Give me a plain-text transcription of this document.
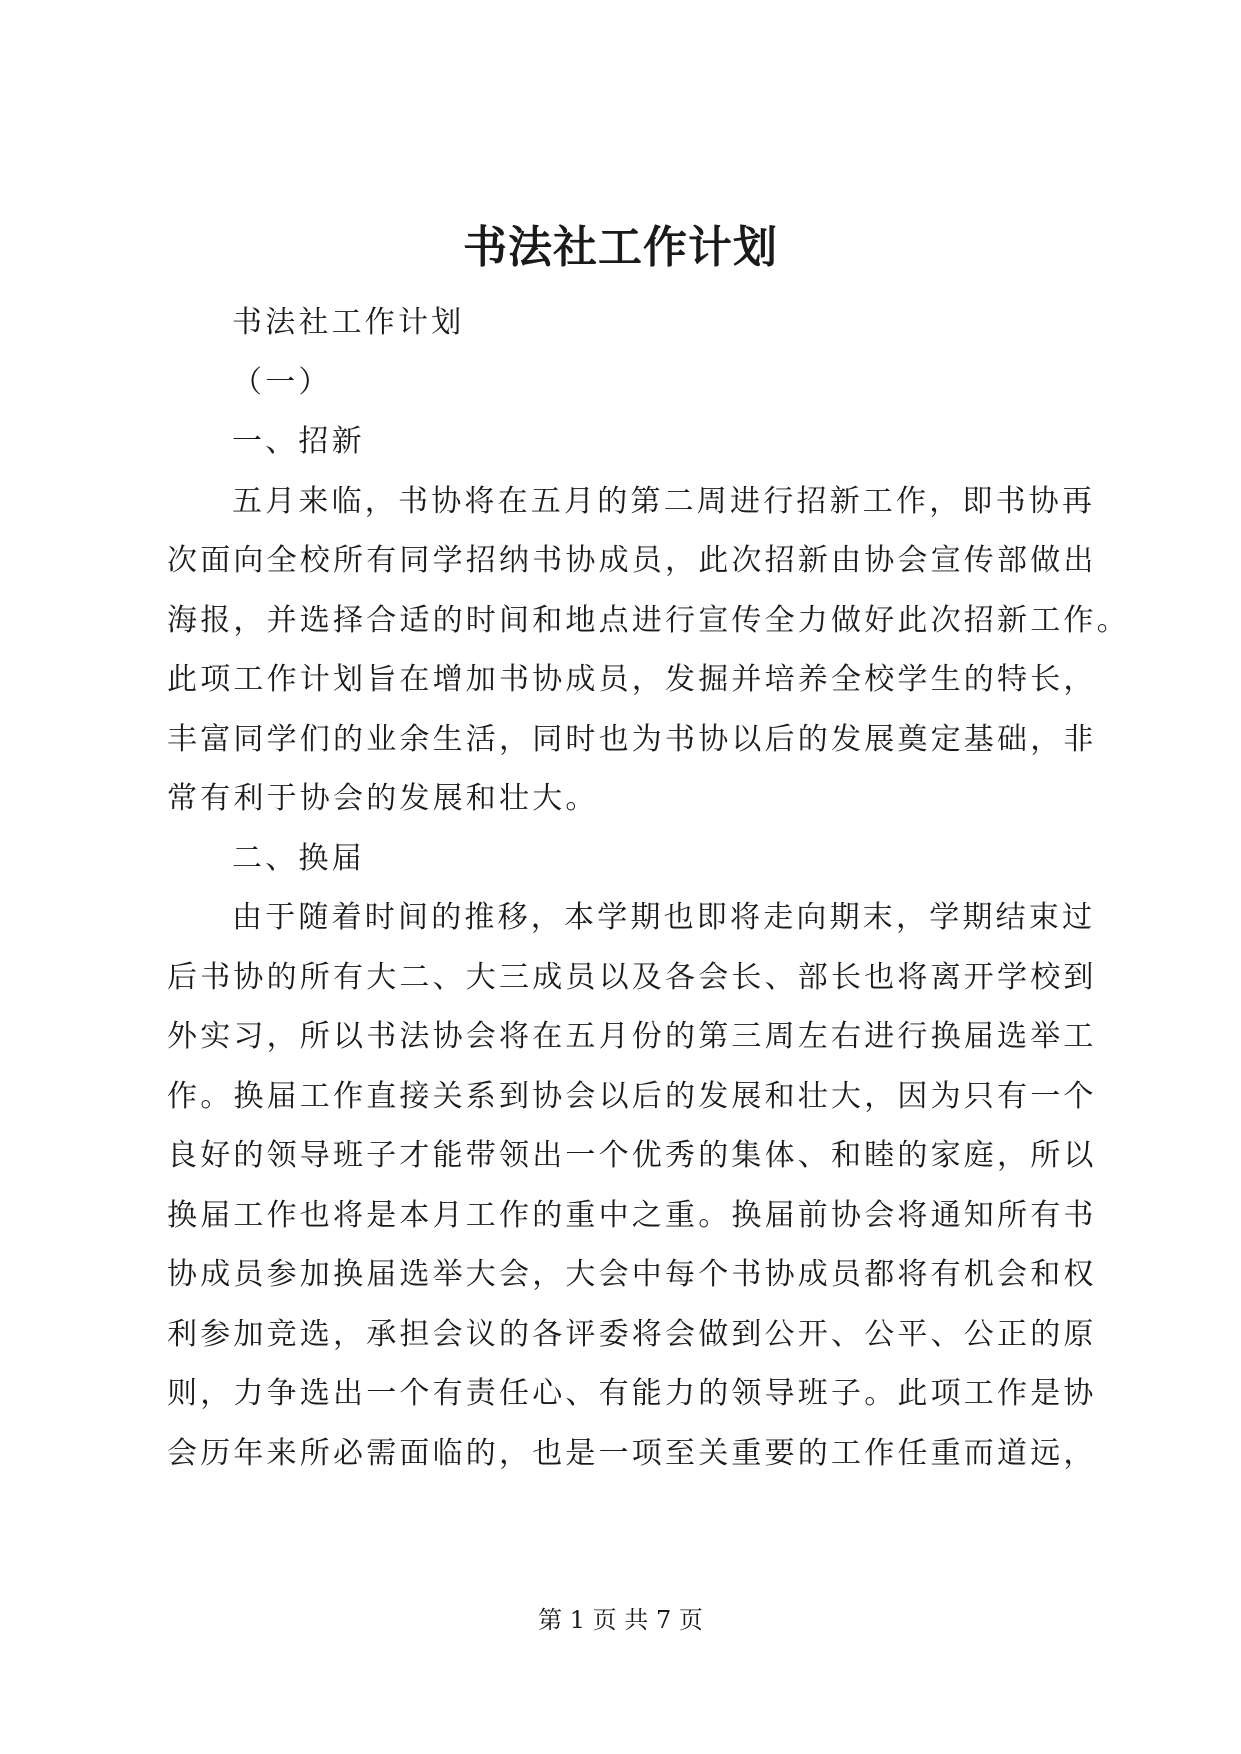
书法社工作计划
书法社工作计划
（一）
一、招新
五月来临，书协将在五月的第二周进行招新工作，即书协再
次面向全校所有同学招纳书协成员，此次招新由协会宣传部做出
海报，并选择合适的时间和地点进行宣传全力做好此次招新工作。
此项工作计划旨在增加书协成员，发掘并培养全校学生的特长，
丰富同学们的业余生活，同时也为书协以后的发展奠定基础，非
常有利于协会的发展和壮大。
二、换届
由于随着时间的推移，本学期也即将走向期末，学期结束过
后书协的所有大二、大三成员以及各会长、部长也将离开学校到
外实习，所以书法协会将在五月份的第三周左右进行换届选举工
作。换届工作直接关系到协会以后的发展和壮大，因为只有一个
良好的领导班子才能带领出一个优秀的集体、和睦的家庭，所以
换届工作也将是本月工作的重中之重。换届前协会将通知所有书
协成员参加换届选举大会，大会中每个书协成员都将有机会和权
利参加竞选，承担会议的各评委将会做到公开、公平、公正的原
则，力争选出一个有责任心、有能力的领导班子。此项工作是协
会历年来所必需面临的，也是一项至关重要的工作任重而道远，
第 1 页 共 7 页
